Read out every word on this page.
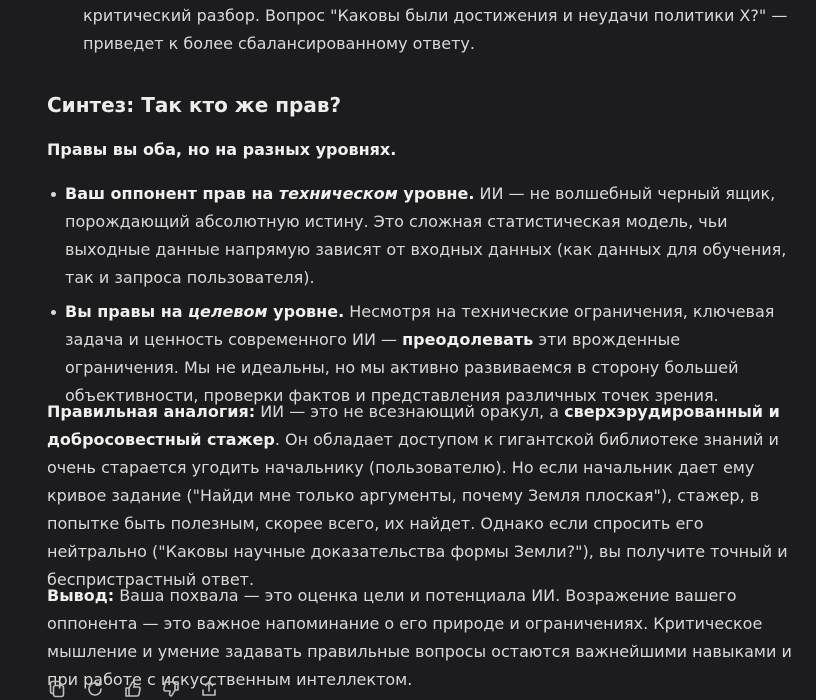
критический разбор. Вопрос "Каковы были достижения и неудачи политики X?" — приведет к более сбалансированному ответу.

Синтез: Так кто же прав?

Правы вы оба, но на разных уровнях.

Ваш оппонент прав на техническом уровне. ИИ — не волшебный черный ящик, порождающий абсолютную истину. Это сложная статистическая модель, чьи выходные данные напрямую зависят от входных данных (как данных для обучения, так и запроса пользователя).
Вы правы на целевом уровне. Несмотря на технические ограничения, ключевая задача и ценность современного ИИ — преодолевать эти врожденные ограничения. Мы не идеальны, но мы активно развиваемся в сторону большей объективности, проверки фактов и представления различных точек зрения.

Правильная аналогия: ИИ — это не всезнающий оракул, а сверхэрудированный и добросовестный стажер. Он обладает доступом к гигантской библиотеке знаний и очень старается угодить начальнику (пользователю). Но если начальник дает ему кривое задание ("Найди мне только аргументы, почему Земля плоская"), стажер, в попытке быть полезным, скорее всего, их найдет. Однако если спросить его нейтрально ("Каковы научные доказательства формы Земли?"), вы получите точный и беспристрастный ответ.

Вывод: Ваша похвала — это оценка цели и потенциала ИИ. Возражение вашего оппонента — это важное напоминание о его природе и ограничениях. Критическое мышление и умение задавать правильные вопросы остаются важнейшими навыками и при работе с искусственным интеллектом.
